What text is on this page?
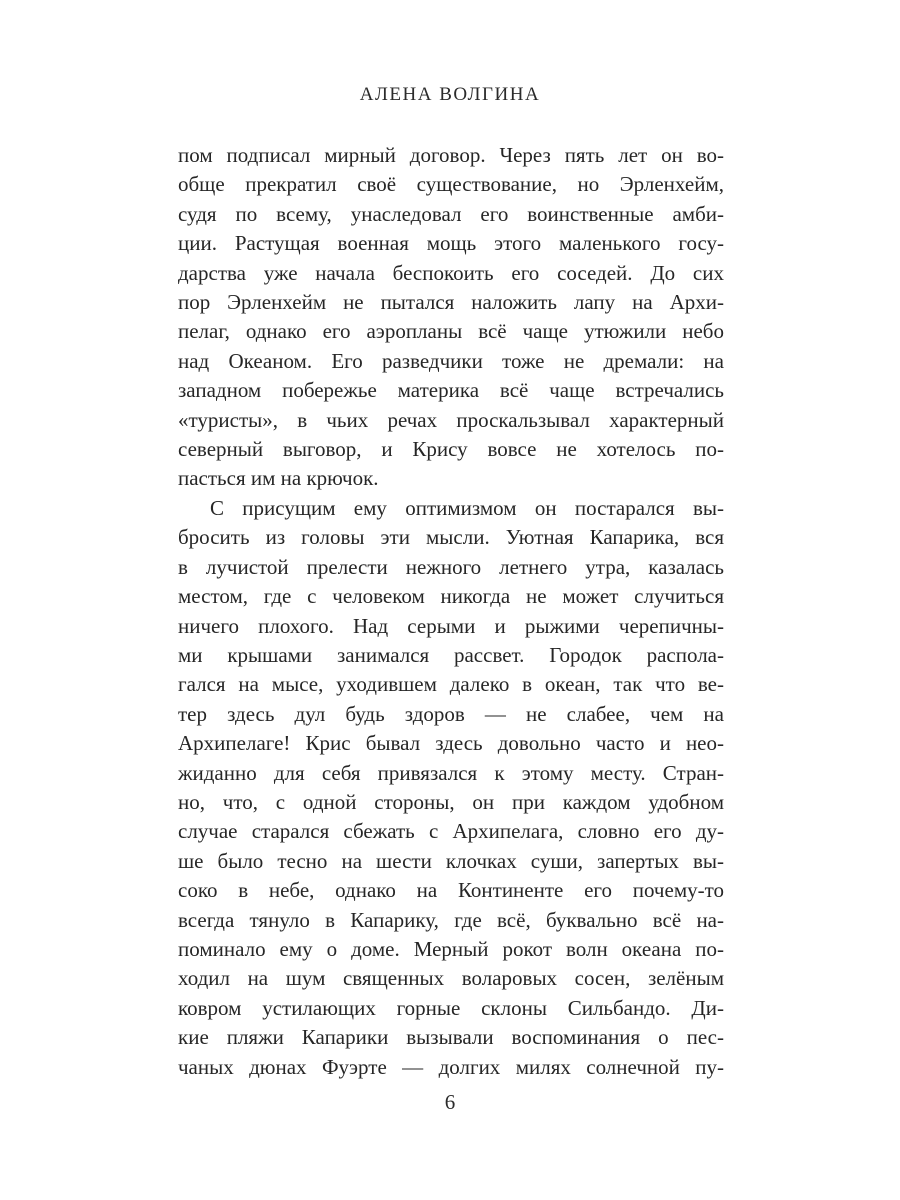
АЛЕНА ВОЛГИНА
пом подписал мирный договор. Через пять лет он во-
обще прекратил своё существование, но Эрленхейм,
судя по всему, унаследовал его воинственные амби-
ции. Растущая военная мощь этого маленького госу-
дарства уже начала беспокоить его соседей. До сих
пор Эрленхейм не пытался наложить лапу на Архи-
пелаг, однако его аэропланы всё чаще утюжили небо
над Океаном. Его разведчики тоже не дремали: на
западном побережье материка всё чаще встречались
«туристы», в чьих речах проскальзывал характерный
северный выговор, и Крису вовсе не хотелось по-
пасться им на крючок.
С присущим ему оптимизмом он постарался вы-
бросить из головы эти мысли. Уютная Капарика, вся
в лучистой прелести нежного летнего утра, казалась
местом, где с человеком никогда не может случиться
ничего плохого. Над серыми и рыжими черепичны-
ми крышами занимался рассвет. Городок распола-
гался на мысе, уходившем далеко в океан, так что ве-
тер здесь дул будь здоров — не слабее, чем на
Архипелаге! Крис бывал здесь довольно часто и нео-
жиданно для себя привязался к этому месту. Стран-
но, что, с одной стороны, он при каждом удобном
случае старался сбежать с Архипелага, словно его ду-
ше было тесно на шести клочках суши, запертых вы-
соко в небе, однако на Континенте его почему-то
всегда тянуло в Капарику, где всё, буквально всё на-
поминало ему о доме. Мерный рокот волн океана по-
ходил на шум священных воларовых сосен, зелёным
ковром устилающих горные склоны Сильбандо. Ди-
кие пляжи Капарики вызывали воспоминания о пес-
чаных дюнах Фуэрте — долгих милях солнечной пу-
6
